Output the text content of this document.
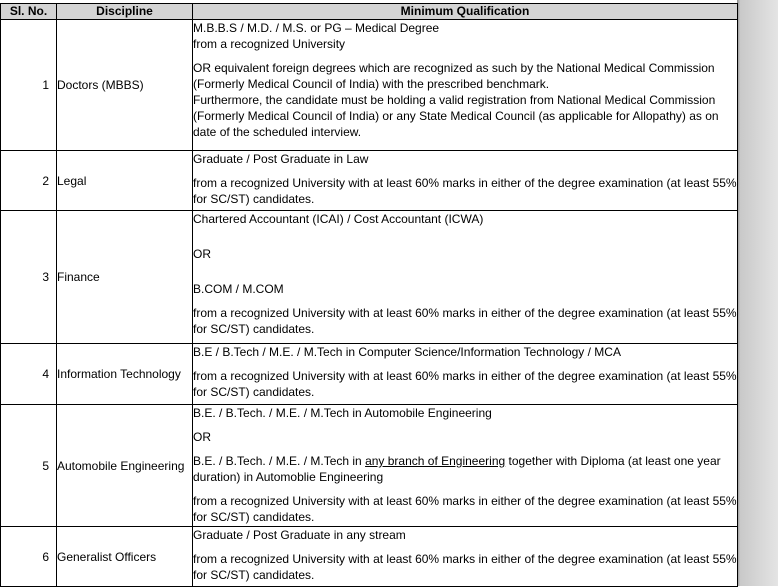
Sl. No.	Discipline	Minimum Qualification
1	Doctors (MBBS)	M.B.B.S / M.D. / M.S. or PG – Medical Degree
from a recognized University
OR equivalent foreign degrees which are recognized as such by the National Medical Commission (Formerly Medical Council of India) with the prescribed benchmark.
Furthermore, the candidate must be holding a valid registration from National Medical Commission (Formerly Medical Council of India) or any State Medical Council (as applicable for Allopathy) as on date of the scheduled interview.

2	Legal	Graduate / Post Graduate in Law
from a recognized University with at least 60% marks in either of the degree examination (at least 55% for SC/ST) candidates.

3	Finance	Chartered Accountant (ICAI) / Cost Accountant (ICWA)
OR
B.COM / M.COM
from a recognized University with at least 60% marks in either of the degree examination (at least 55% for SC/ST) candidates.

4	Information Technology	B.E / B.Tech / M.E. / M.Tech in Computer Science/Information Technology / MCA
from a recognized University with at least 60% marks in either of the degree examination (at least 55% for SC/ST) candidates.

5	Automobile Engineering	B.E. / B.Tech. / M.E. / M.Tech in Automobile Engineering
OR
B.E. / B.Tech. / M.E. / M.Tech in any branch of Engineering together with Diploma (at least one year duration) in Automoblie Engineering
from a recognized University with at least 60% marks in either of the degree examination (at least 55% for SC/ST) candidates.

6	Generalist Officers	Graduate / Post Graduate in any stream
from a recognized University with at least 60% marks in either of the degree examination (at least 55% for SC/ST) candidates.
